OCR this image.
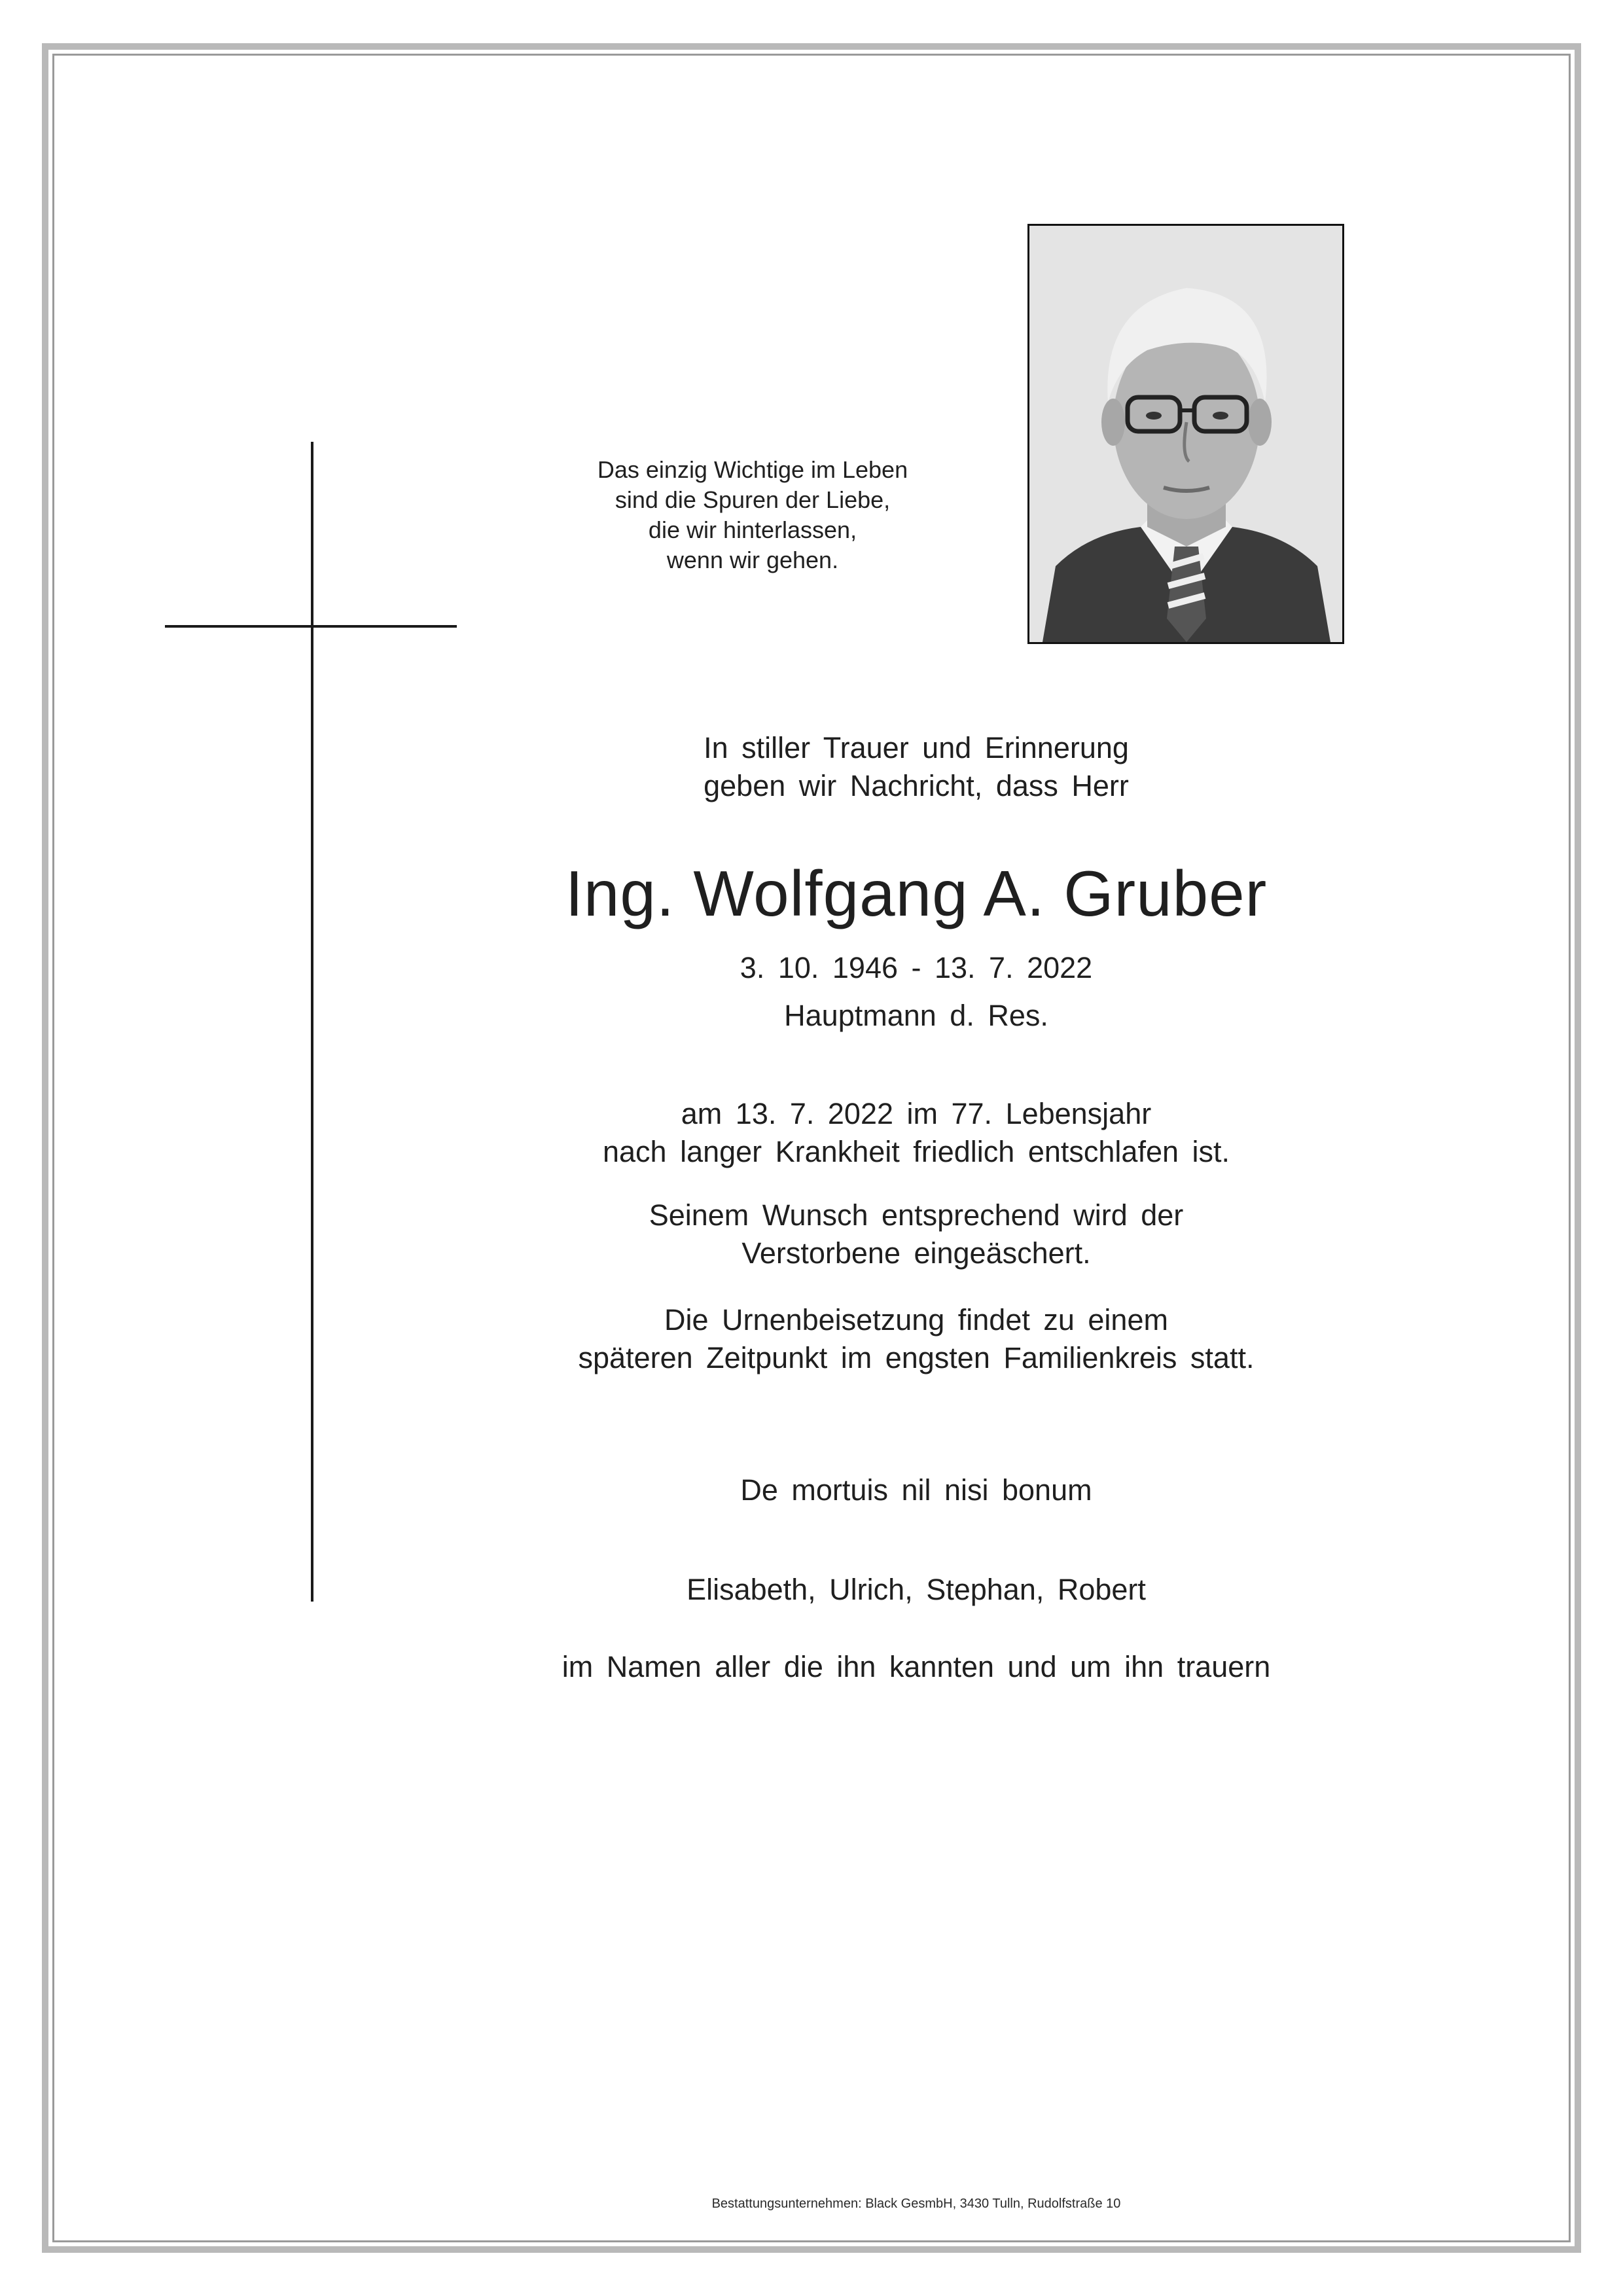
Das einzig Wichtige im Leben
sind die Spuren der Liebe,
die wir hinterlassen,
wenn wir gehen.
In stiller Trauer und Erinnerung
geben wir Nachricht, dass Herr
Ing. Wolfgang A. Gruber
3. 10. 1946 - 13. 7. 2022
Hauptmann d. Res.
am 13. 7. 2022 im 77. Lebensjahr
nach langer Krankheit friedlich entschlafen ist.
Seinem Wunsch entsprechend wird der
Verstorbene eingeäschert.
Die Urnenbeisetzung findet zu einem
späteren Zeitpunkt im engsten Familienkreis statt.
De mortuis nil nisi bonum
Elisabeth, Ulrich, Stephan, Robert
im Namen aller die ihn kannten und um ihn trauern
Bestattungsunternehmen: Black GesmbH, 3430 Tulln, Rudolfstraße 10
